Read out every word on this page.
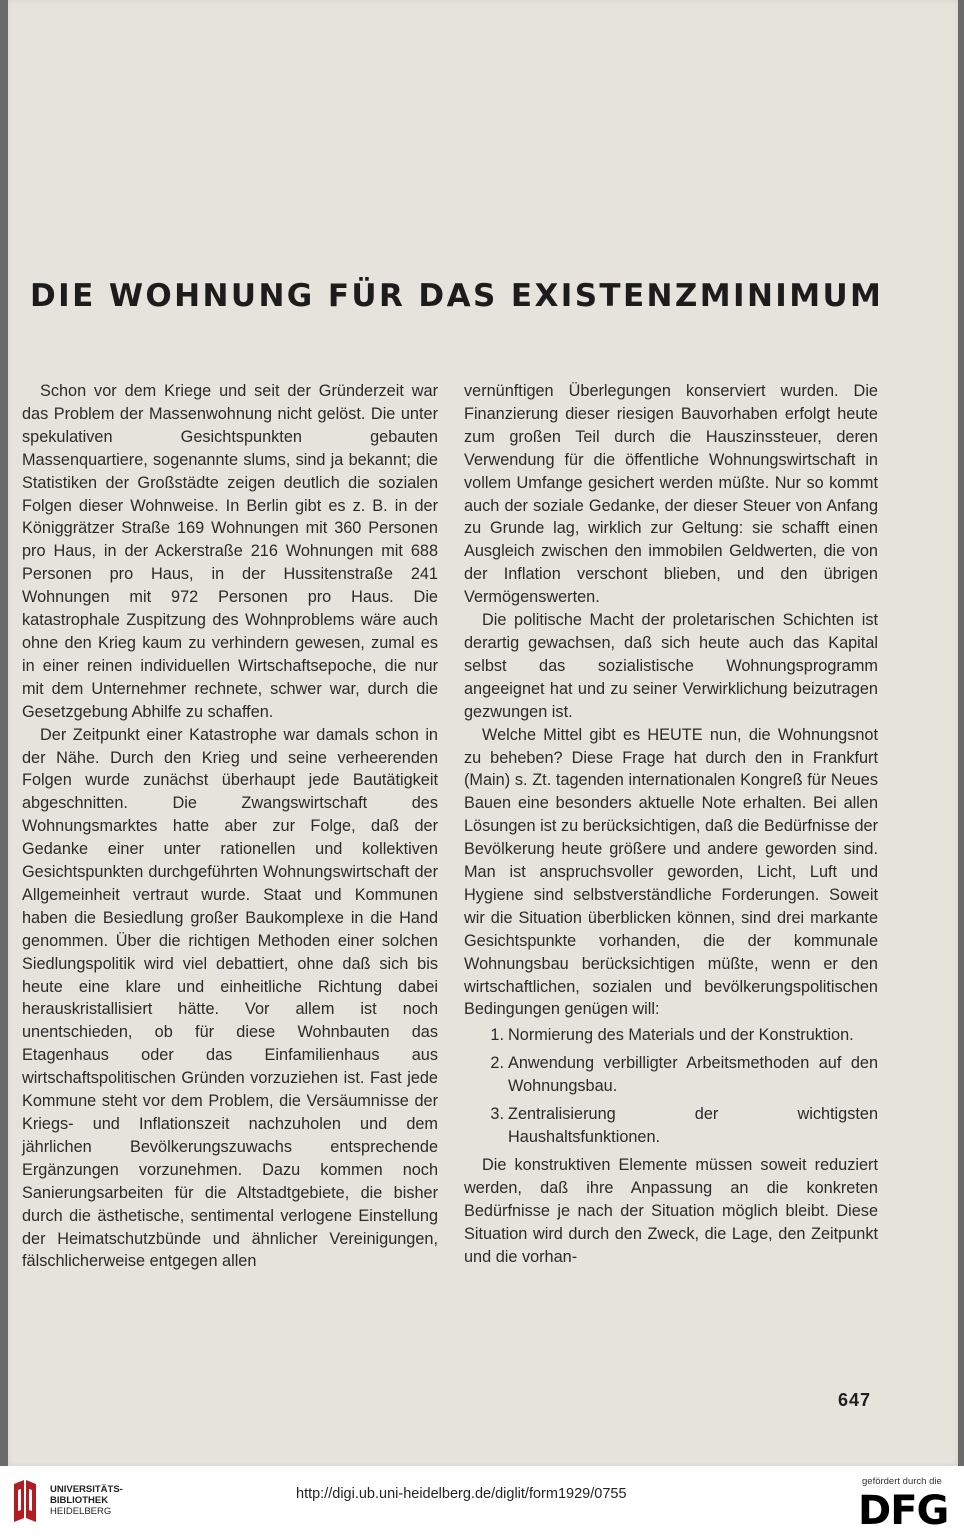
DIE WOHNUNG FÜR DAS EXISTENZMINIMUM

Schon vor dem Kriege und seit der Gründerzeit war das Problem der Massenwohnung nicht gelöst. Die unter spekulativen Gesichtspunkten gebauten Massenquartiere, sogenannte slums, sind ja bekannt; die Statistiken der Großstädte zeigen deutlich die sozialen Folgen dieser Wohnweise. In Berlin gibt es z. B. in der Königgrätzer Straße 169 Wohnungen mit 360 Personen pro Haus, in der Ackerstraße 216 Wohnungen mit 688 Personen pro Haus, in der Hussitenstraße 241 Wohnungen mit 972 Personen pro Haus. Die katastrophale Zuspitzung des Wohnproblems wäre auch ohne den Krieg kaum zu verhindern gewesen, zumal es in einer reinen individuellen Wirtschaftsepoche, die nur mit dem Unternehmer rechnete, schwer war, durch die Gesetzgebung Abhilfe zu schaffen.

Der Zeitpunkt einer Katastrophe war damals schon in der Nähe. Durch den Krieg und seine verheerenden Folgen wurde zunächst überhaupt jede Bautätigkeit abgeschnitten. Die Zwangswirtschaft des Wohnungsmarktes hatte aber zur Folge, daß der Gedanke einer unter rationellen und kollektiven Gesichtspunkten durchgeführten Wohnungswirtschaft der Allgemeinheit vertraut wurde. Staat und Kommunen haben die Besiedlung großer Baukomplexe in die Hand genommen. Über die richtigen Methoden einer solchen Siedlungspolitik wird viel debattiert, ohne daß sich bis heute eine klare und einheitliche Richtung dabei herauskristallisiert hätte. Vor allem ist noch unentschieden, ob für diese Wohnbauten das Etagenhaus oder das Einfamilienhaus aus wirtschaftspolitischen Gründen vorzuziehen ist. Fast jede Kommune steht vor dem Problem, die Versäumnisse der Kriegs- und Inflationszeit nachzuholen und dem jährlichen Bevölkerungszuwachs entsprechende Ergänzungen vorzunehmen. Dazu kommen noch Sanierungsarbeiten für die Altstadtgebiete, die bisher durch die ästhetische, sentimental verlogene Einstellung der Heimatschutzbünde und ähnlicher Vereinigungen, fälschlicherweise entgegen allen

vernünftigen Überlegungen konserviert wurden. Die Finanzierung dieser riesigen Bauvorhaben erfolgt heute zum großen Teil durch die Hauszinssteuer, deren Verwendung für die öffentliche Wohnungswirtschaft in vollem Umfange gesichert werden müßte. Nur so kommt auch der soziale Gedanke, der dieser Steuer von Anfang zu Grunde lag, wirklich zur Geltung: sie schafft einen Ausgleich zwischen den immobilen Geldwerten, die von der Inflation verschont blieben, und den übrigen Vermögenswerten.

Die politische Macht der proletarischen Schichten ist derartig gewachsen, daß sich heute auch das Kapital selbst das sozialistische Wohnungsprogramm angeeignet hat und zu seiner Verwirklichung beizutragen gezwungen ist.

Welche Mittel gibt es HEUTE nun, die Wohnungsnot zu beheben? Diese Frage hat durch den in Frankfurt (Main) s. Zt. tagenden internationalen Kongreß für Neues Bauen eine besonders aktuelle Note erhalten. Bei allen Lösungen ist zu berücksichtigen, daß die Bedürfnisse der Bevölkerung heute größere und andere geworden sind. Man ist anspruchsvoller geworden, Licht, Luft und Hygiene sind selbstverständliche Forderungen. Soweit wir die Situation überblicken können, sind drei markante Gesichtspunkte vorhanden, die der kommunale Wohnungsbau berücksichtigen müßte, wenn er den wirtschaftlichen, sozialen und bevölkerungspolitischen Bedingungen genügen will:

1. Normierung des Materials und der Konstruktion.
2. Anwendung verbilligter Arbeitsmethoden auf den Wohnungsbau.
3. Zentralisierung der wichtigsten Haushaltsfunktionen.

Die konstruktiven Elemente müssen soweit reduziert werden, daß ihre Anpassung an die konkreten Bedürfnisse je nach der Situation möglich bleibt. Diese Situation wird durch den Zweck, die Lage, den Zeitpunkt und die vorhan-

647
UNIVERSITÄTS-
BIBLIOTHEK
HEIDELBERG
http://digi.ub.uni-heidelberg.de/diglit/form1929/0755
gefördert durch die
DFG
